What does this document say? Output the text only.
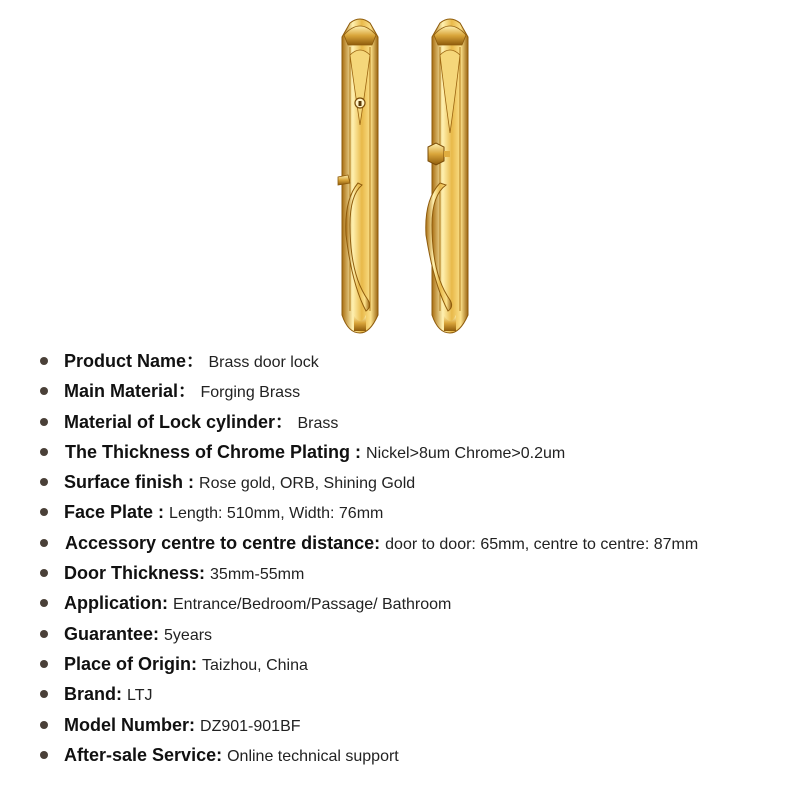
Product Name： Brass door lock
Main Material： Forging Brass
Material of Lock cylinder： Brass
The Thickness of Chrome Plating : Nickel>8um Chrome>0.2um
Surface finish : Rose gold, ORB, Shining Gold
Face Plate : Length: 510mm, Width: 76mm
Accessory centre to centre distance: door to door: 65mm, centre to centre: 87mm
Door Thickness: 35mm-55mm
Application: Entrance/Bedroom/Passage/ Bathroom
Guarantee: 5years
Place of Origin: Taizhou, China
Brand: LTJ
Model Number: DZ901-901BF
After-sale Service: Online technical support
